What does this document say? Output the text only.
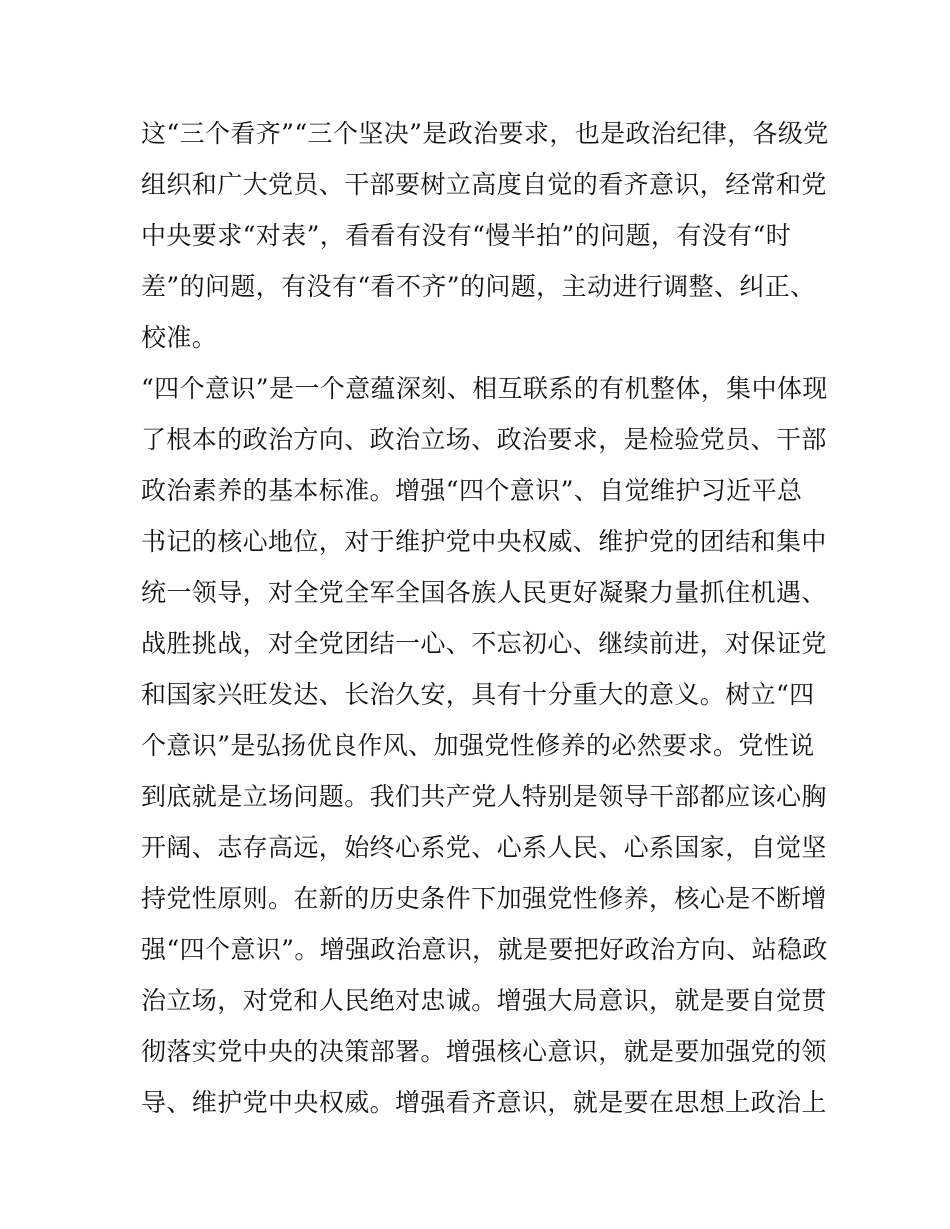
这“三个看齐”“三个坚决”是政治要求，也是政治纪律，各级党
组织和广大党员、干部要树立高度自觉的看齐意识，经常和党
中央要求“对表”，看看有没有“慢半拍”的问题，有没有“时
差”的问题，有没有“看不齐”的问题，主动进行调整、纠正、
校准。
“四个意识”是一个意蕴深刻、相互联系的有机整体，集中体现
了根本的政治方向、政治立场、政治要求，是检验党员、干部
政治素养的基本标准。增强“四个意识”、自觉维护习近平总
书记的核心地位，对于维护党中央权威、维护党的团结和集中
统一领导，对全党全军全国各族人民更好凝聚力量抓住机遇、
战胜挑战，对全党团结一心、不忘初心、继续前进，对保证党
和国家兴旺发达、长治久安，具有十分重大的意义。树立“四
个意识”是弘扬优良作风、加强党性修养的必然要求。党性说
到底就是立场问题。我们共产党人特别是领导干部都应该心胸
开阔、志存高远，始终心系党、心系人民、心系国家，自觉坚
持党性原则。在新的历史条件下加强党性修养，核心是不断增
强“四个意识”。增强政治意识，就是要把好政治方向、站稳政
治立场，对党和人民绝对忠诚。增强大局意识，就是要自觉贯
彻落实党中央的决策部署。增强核心意识，就是要加强党的领
导、维护党中央权威。增强看齐意识，就是要在思想上政治上
